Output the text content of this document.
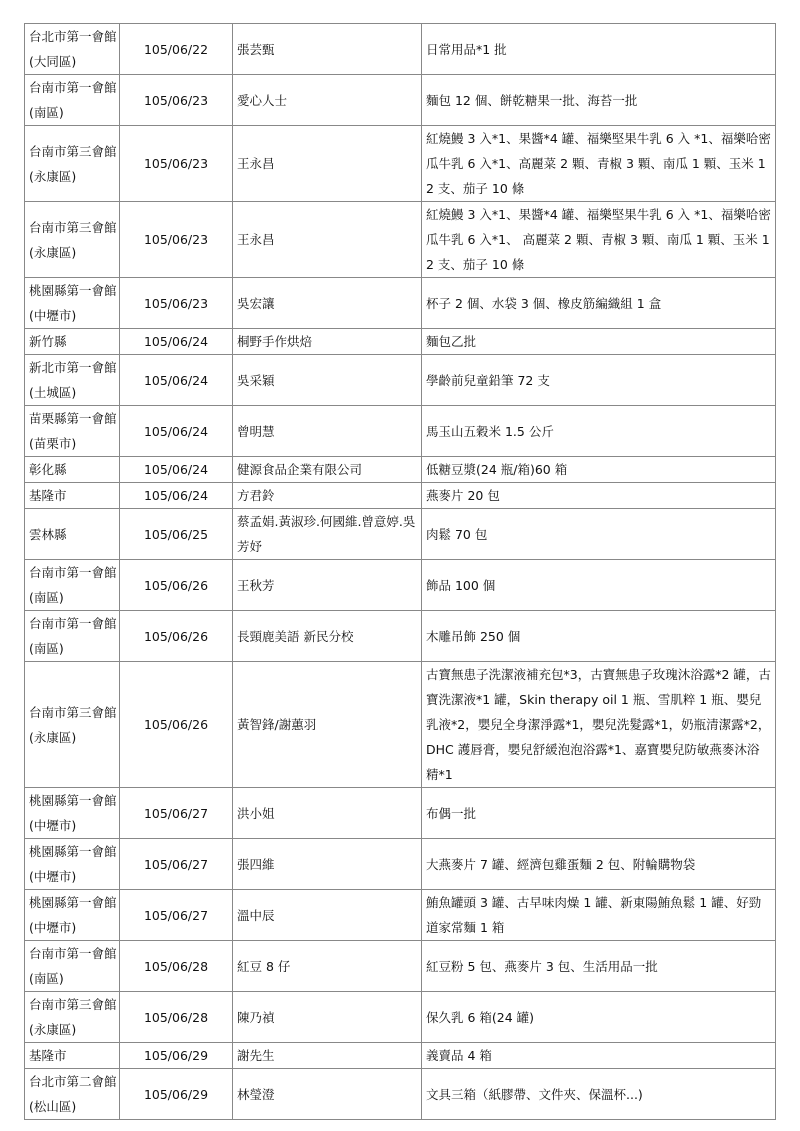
台北市第一會館
(大同區)	105/06/22	張芸甄	日常用品*1 批

台南市第一會館
(南區)	105/06/23	愛心人士	麵包 12 個、餅乾糖果一批、海苔一批

台南市第三會館
(永康區)	105/06/23	王永昌	紅燒鰻 3 入*1、果醬*4 罐、福樂堅果牛乳 6 入 *1、福樂哈密瓜牛乳 6 入*1、高麗菜 2 顆、青椒 3 顆、南瓜 1 顆、玉米 12 支、茄子 10 條

台南市第三會館
(永康區)	105/06/23	王永昌	紅燒鰻 3 入*1、果醬*4 罐、福樂堅果牛乳 6 入 *1、福樂哈密瓜牛乳 6 入*1、 高麗菜 2 顆、青椒 3 顆、南瓜 1 顆、玉米 12 支、茄子 10 條

桃園縣第一會館
(中壢市)	105/06/23	吳宏讓	杯子 2 個、水袋 3 個、橡皮筋編織組 1 盒

新竹縣	105/06/24	桐野手作烘焙	麵包乙批

新北市第一會館
(土城區)	105/06/24	吳采穎	學齡前兒童鉛筆 72 支

苗栗縣第一會館
(苗栗市)	105/06/24	曾明慧	馬玉山五穀米 1.5 公斤

彰化縣	105/06/24	健源食品企業有限公司	低糖豆漿(24 瓶/箱)60 箱

基隆市	105/06/24	方君鈴	燕麥片 20 包

雲林縣	105/06/25	蔡孟娟.黃淑珍.何國維.曾意婷.吳芳妤	肉鬆 70 包

台南市第一會館
(南區)	105/06/26	王秋芳	飾品 100 個

台南市第一會館
(南區)	105/06/26	長頸鹿美語 新民分校	木雕吊飾 250 個

台南市第三會館
(永康區)	105/06/26	黃智鋒/謝蕙羽	古寶無患子洗潔液補充包*3，古寶無患子玫瑰沐浴露*2 罐，古寶洗潔液*1 罐，Skin therapy oil 1 瓶、雪肌粹 1 瓶、嬰兒乳液*2，嬰兒全身潔淨露*1，嬰兒洗髮露*1，奶瓶清潔露*2，DHC 護唇膏，嬰兒舒緩泡泡浴露*1、嘉寶嬰兒防敏燕麥沐浴精*1

桃園縣第一會館
(中壢市)	105/06/27	洪小姐	布偶一批

桃園縣第一會館
(中壢市)	105/06/27	張四維	大燕麥片 7 罐、經濟包雞蛋麵 2 包、附輪購物袋

桃園縣第一會館
(中壢市)	105/06/27	溫中辰	鮪魚罐頭 3 罐、古早味肉燥 1 罐、新東陽鮪魚鬆 1 罐、好勁道家常麵 1 箱

台南市第一會館
(南區)	105/06/28	紅豆 8 仔	紅豆粉 5 包、燕麥片 3 包、生活用品一批

台南市第三會館
(永康區)	105/06/28	陳乃禎	保久乳 6 箱(24 罐)

基隆市	105/06/29	謝先生	義賣品 4 箱

台北市第二會館
(松山區)	105/06/29	林瑩澄	文具三箱（紙膠帶、文件夾、保溫杯...)
